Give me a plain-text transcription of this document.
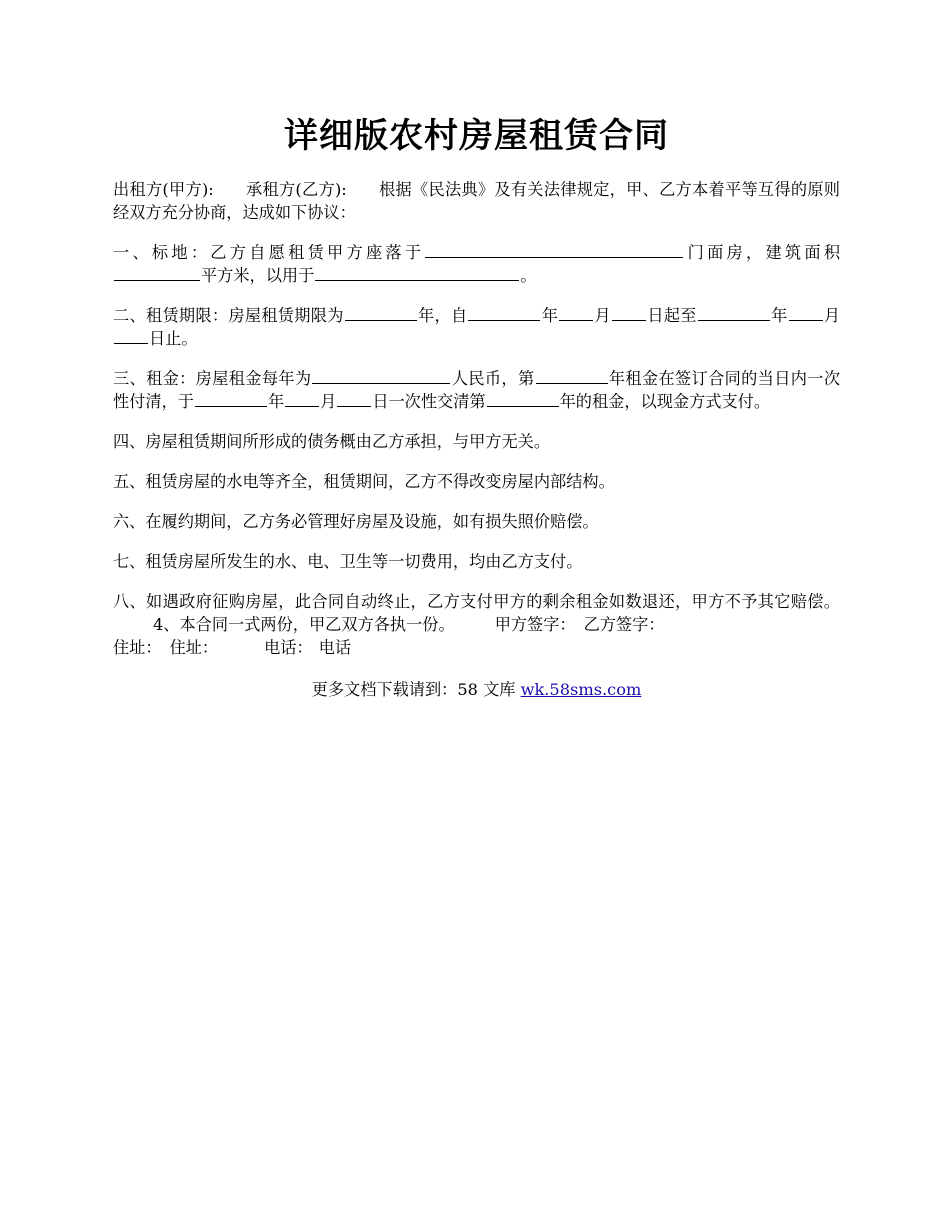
详细版农村房屋租赁合同

出租方(甲方): 承租方(乙方): 根据《民法典》及有关法律规定，甲、乙方本着平等互得的原则经双方充分协商，达成如下协议：

一、标地：乙方自愿租赁甲方座落于	门面房，建筑面积平方米，以用于	。

二、租赁期限：房屋租赁期限为	年，自	年 月 日起至	年 月日止。

三、租金：房屋租金每年为	人民币，第	年租金在签订合同的当日内一次性付清，于	年 月 日一次性交清第	年的租金，以现金方式支付。

四、房屋租赁期间所形成的债务概由乙方承担，与甲方无关。

五、租赁房屋的水电等齐全，租赁期间，乙方不得改变房屋内部结构。

六、在履约期间，乙方务必管理好房屋及设施，如有损失照价赔偿。

七、租赁房屋所发生的水、电、卫生等一切费用，均由乙方支付。

八、如遇政府征购房屋，此合同自动终止，乙方支付甲方的剩余租金如数退还，甲方不予其它赔偿。4、本合同一式两份，甲乙双方各执一份。 甲方签字： 乙方签字：

住址： 住址：	电话： 电话

更多文档下载请到：58 文库 wk.58sms.com
